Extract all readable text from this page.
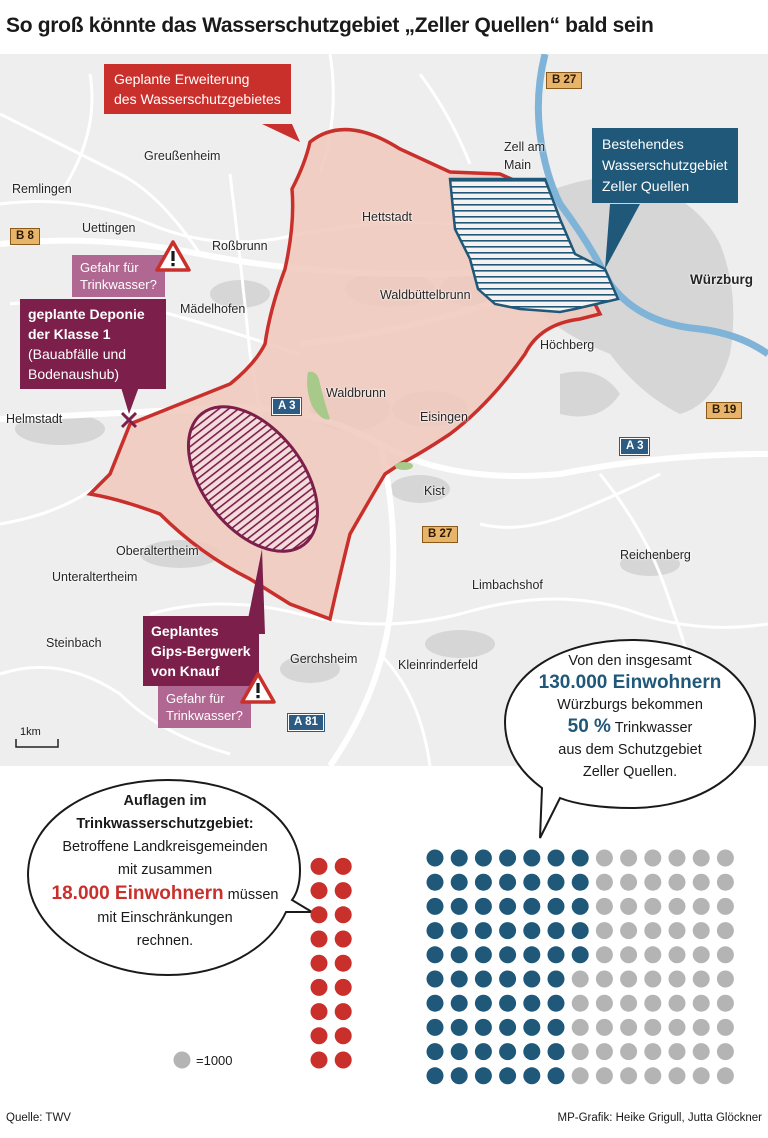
So groß könnte das Wasserschutzgebiet „Zeller Quellen“ bald sein
Remlingen
Greußenheim
Uettingen
Roßbrunn
Hettstadt
Zell am
Main
Würzburg
Waldbüttelbrunn
Mädelhofen
Höchberg
Waldbrunn
Helmstadt	Eisingen
Kist
Oberaltertheim
Unteraltertheim
Reichenberg
Limbachshof
Steinbach
Gerchsheim	Kleinrinderfeld
B 27
B 8
A 3	B 19
A 3
B 27
A 81
1km
Geplante Erweiterung
des Wasserschutzgebietes
Bestehendes
Wasserschutzgebiet
Zeller Quellen
Gefahr für
Trinkwasser?
geplante Deponie
der Klasse 1
(Bauabfälle und
Bodenaushub)
Geplantes
Gips-Bergwerk
von Knauf
Gefahr für
Trinkwasser?
Von den insgesamt
130.000 Einwohnern
Würzburgs bekommen
50 % Trinkwasser
aus dem Schutzgebiet
Zeller Quellen.
Auflagen im
Trinkwasserschutzgebiet:
Betroffene Landkreisgemeinden
mit zusammen
18.000 Einwohnern müssen
mit Einschränkungen
rechnen.
=1000
Quelle: TWV	MP-Grafik: Heike Grigull, Jutta Glöckner
